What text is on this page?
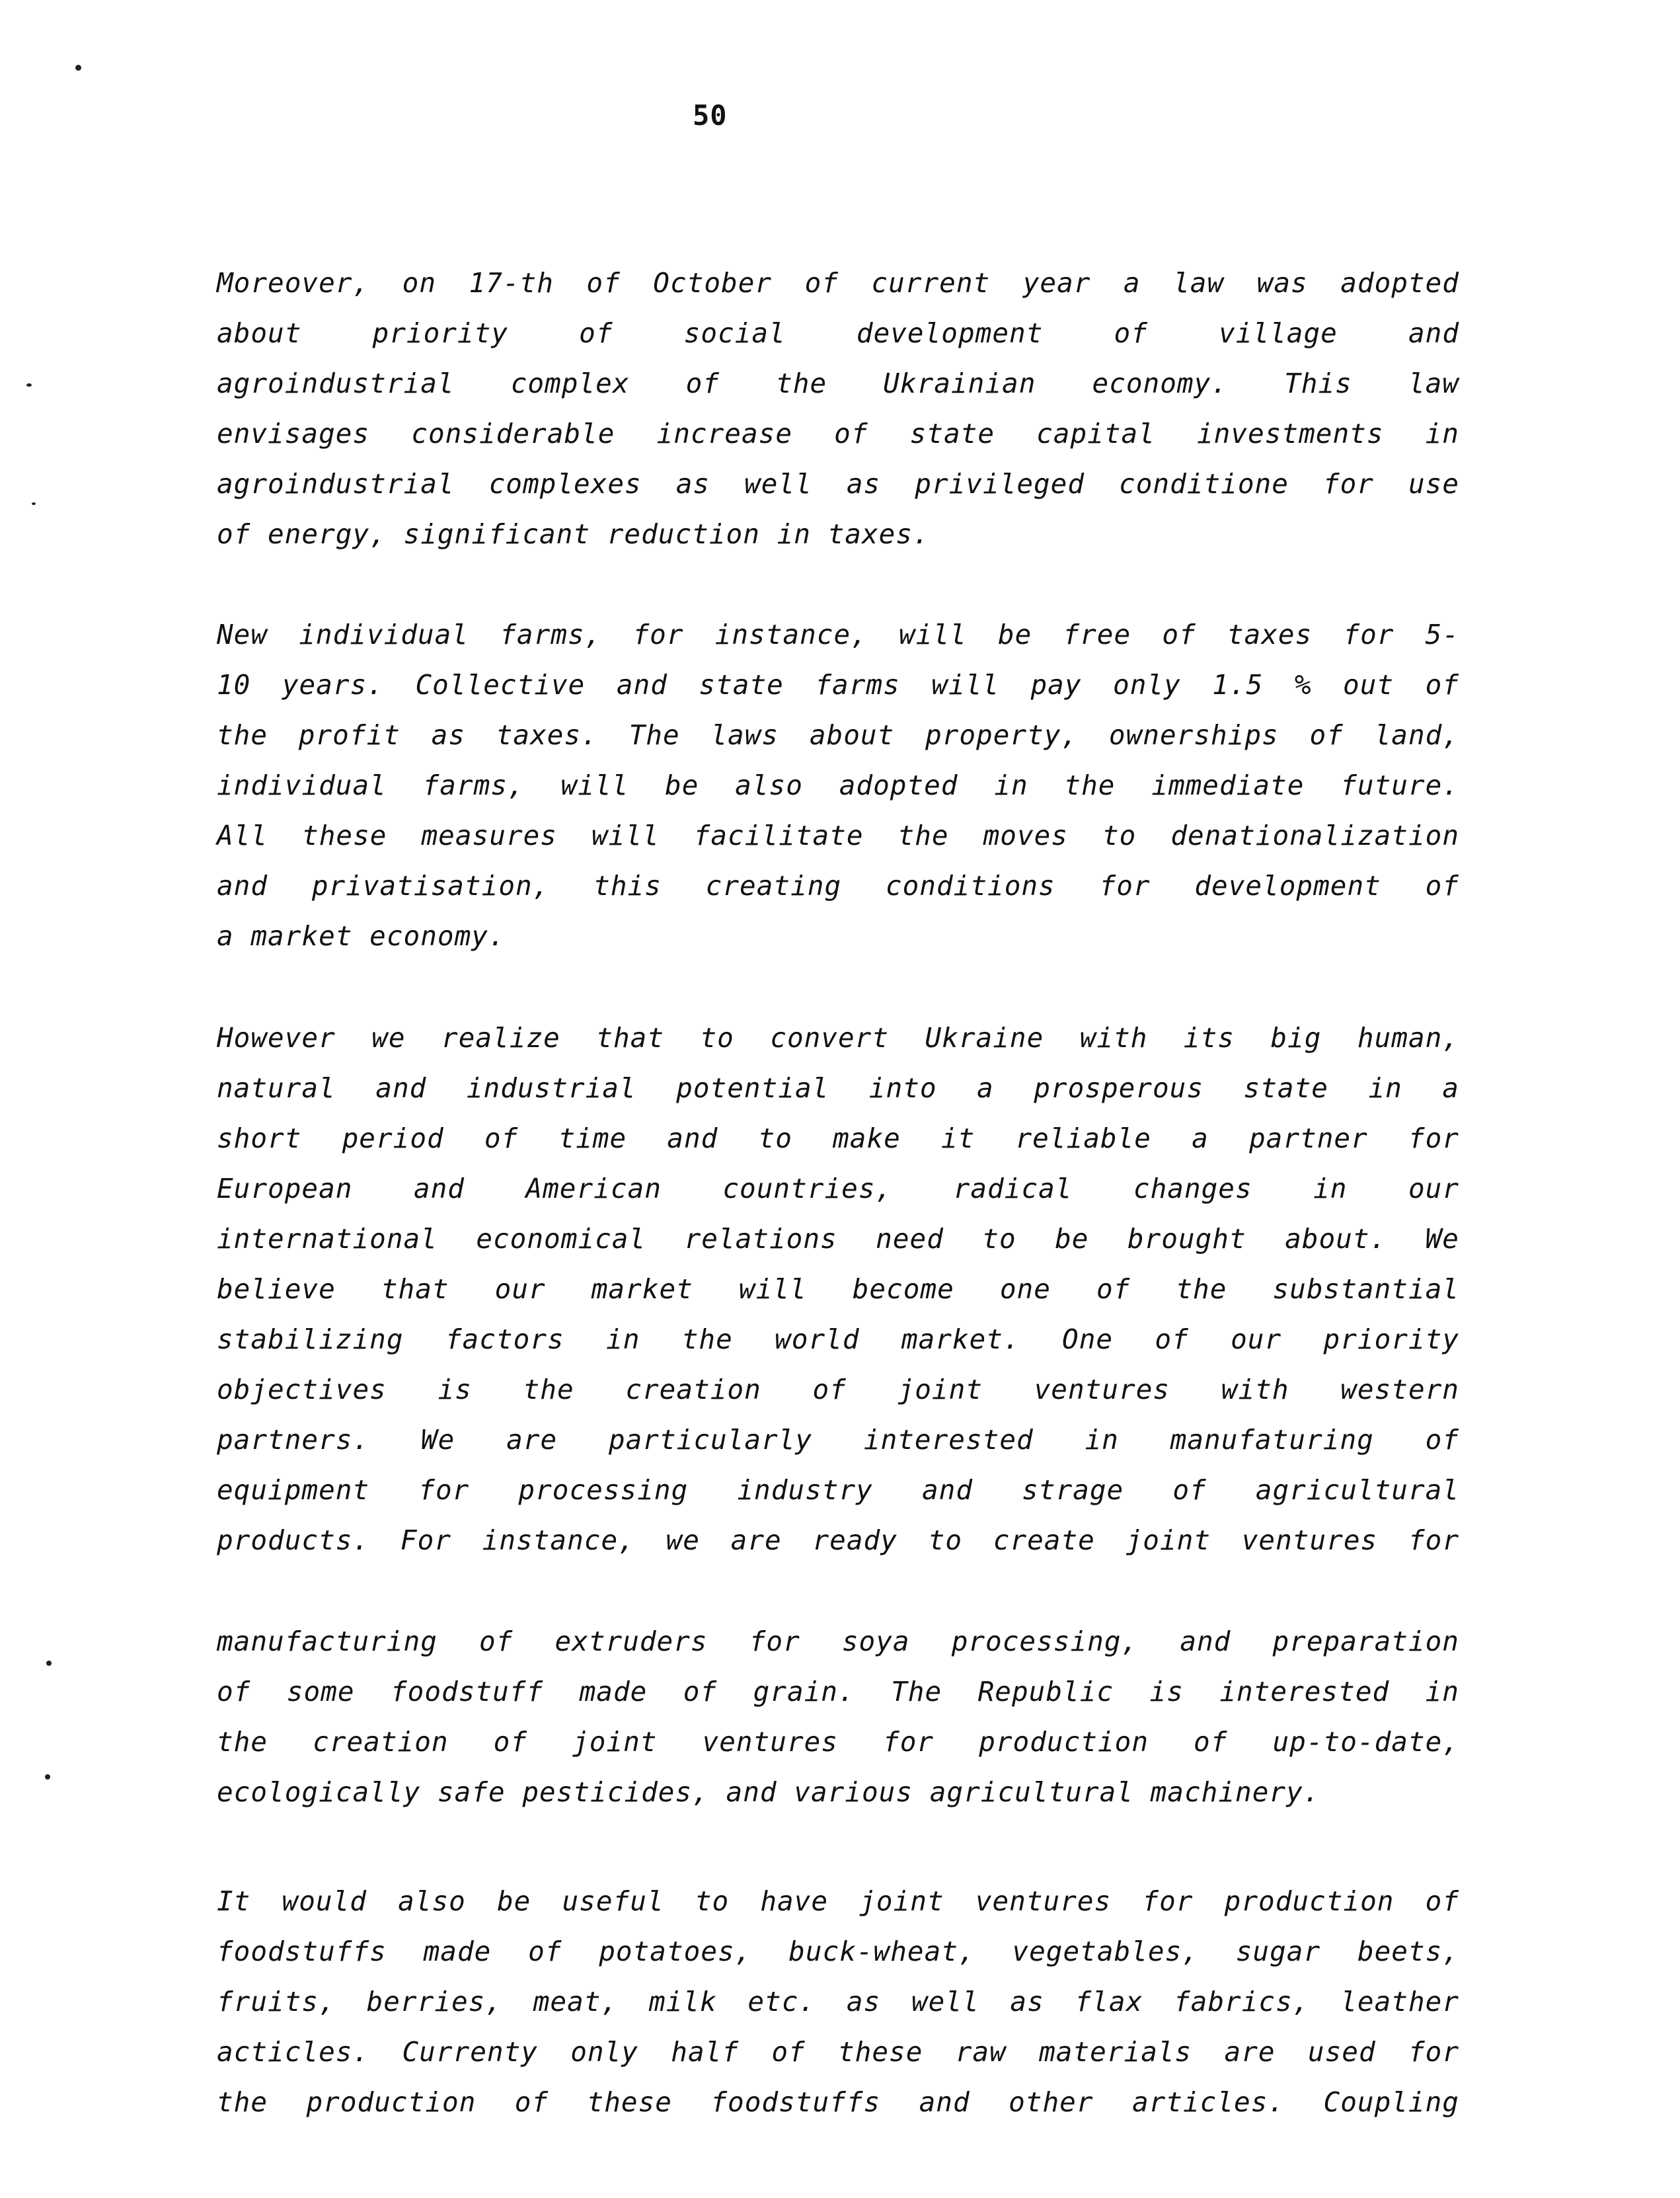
50
Moreover, on 17-th of October of current year a law was adopted
about priority of social development of village and
agroindustrial complex of the Ukrainian economy. This law
envisages considerable increase of state capital investments in
agroindustrial complexes as well as privileged conditione for use
of energy, significant reduction in taxes.
New individual farms, for instance, will be free of taxes for 5-
10 years. Collective and state farms will pay only 1.5 % out of
the profit as taxes. The laws about property, ownerships of land,
individual farms, will be also adopted in the immediate future.
All these measures will facilitate the moves to denationalization
and privatisation, this creating conditions for development of
a market economy.
However we realize that to convert Ukraine with its big human,
natural and industrial potential into a prosperous state in a
short period of time and to make it reliable a partner for
European and American countries, radical changes in our
international economical relations need to be brought about. We
believe that our market will become one of the substantial
stabilizing factors in the world market. One of our priority
objectives is the creation of joint ventures with western
partners. We are particularly interested in manufaturing of
equipment for processing industry and strage of agricultural
products. For instance, we are ready to create joint ventures for
manufacturing of extruders for soya processing, and preparation
of some foodstuff made of grain. The Republic is interested in
the creation of joint ventures for production of up-to-date,
ecologically safe pesticides, and various agricultural machinery.
It would also be useful to have joint ventures for production of
foodstuffs made of potatoes, buck-wheat, vegetables, sugar beets,
fruits, berries, meat, milk etc. as well as flax fabrics, leather
acticles. Currenty only half of these raw materials are used for
the production of these foodstuffs and other articles. Coupling
